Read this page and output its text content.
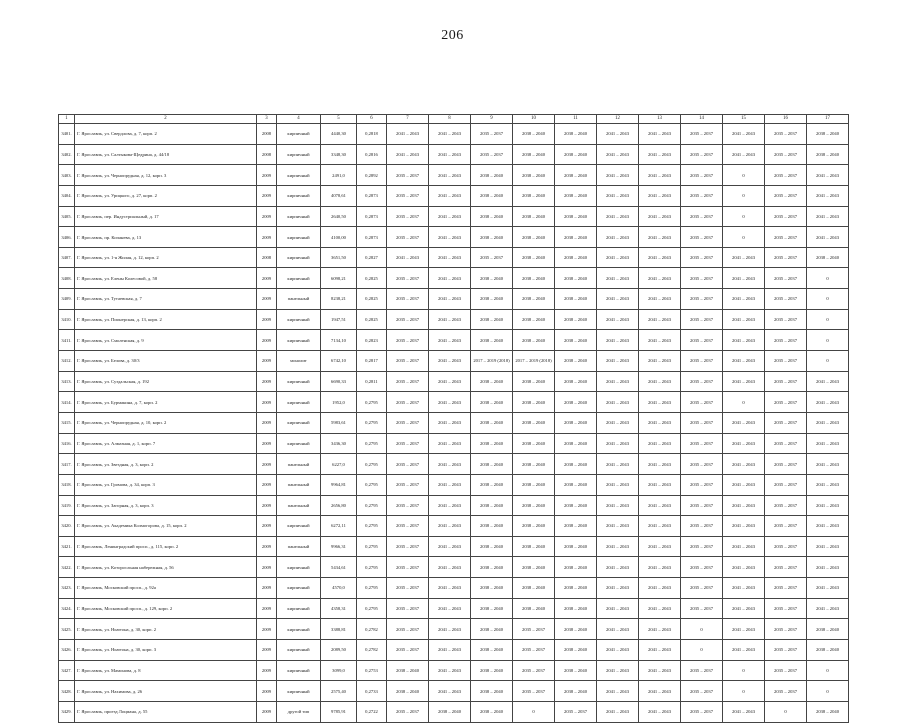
206
1	2	3	4	5	6	7	8	9	10	11	12	13	14	15	16	17
3401.	Г. Ярославль, ул. Свердлова, д. 7, корп. 2	2008	кирпичный	4440,30	0,2818	2041 – 2043	2041 – 2043	2035 – 2037	2038 – 2040	2038 – 2040	2041 – 2043	2041 – 2043	2035 – 2037	2041 – 2043	2035 – 2037	2038 – 2040
3402.	Г. Ярославль, ул. Салтыкова-Щедрина, д. 44/18	2008	кирпичный	3348,30	0,2816	2041 – 2043	2041 – 2043	2035 – 2037	2038 – 2040	2038 – 2040	2041 – 2043	2041 – 2043	2035 – 2037	2041 – 2043	2035 – 2037	2038 – 2040
3403.	Г. Ярославль, ул. Чернопрудная, д. 12, корп. 3	2009	кирпичный	2491,0	0,2892	2035 – 2037	2041 – 2043	2038 – 2040	2038 – 2040	2038 – 2040	2041 – 2043	2041 – 2043	2035 – 2037	0	2035 – 2037	2041 – 2043
3404.	Г. Ярославль, ул. Урицкого, д. 27, корп. 2	2009	кирпичный	4078,61	0,2873	2035 – 2037	2041 – 2043	2038 – 2040	2038 – 2040	2038 – 2040	2041 – 2043	2041 – 2043	2035 – 2037	0	2035 – 2037	2041 – 2043
3405.	Г. Ярославль, пер. Индустриальный, д. 17	2009	кирпичный	2640,50	0,2873	2035 – 2037	2041 – 2043	2038 – 2040	2038 – 2040	2038 – 2040	2041 – 2043	2041 – 2043	2035 – 2037	0	2035 – 2037	2041 – 2043
3406.	Г. Ярославль, пр. Копанева, д. 13	2009	кирпичный	4100,00	0,2873	2035 – 2037	2041 – 2043	2038 – 2040	2038 – 2040	2038 – 2040	2041 – 2043	2041 – 2043	2035 – 2037	0	2035 – 2037	2041 – 2043
3407.	Г. Ярославль, ул. 1-я Жилая, д. 12, корп. 2	2008	кирпичный	3651,50	0,2827	2041 – 2043	2041 – 2043	2035 – 2037	2038 – 2040	2038 – 2040	2041 – 2043	2041 – 2043	2035 – 2037	2041 – 2043	2035 – 2037	2038 – 2040
3408.	Г. Ярославль, ул. Елены Колесовой, д. 58	2009	кирпичный	6098,21	0,2825	2035 – 2037	2041 – 2043	2038 – 2040	2038 – 2040	2038 – 2040	2041 – 2043	2041 – 2043	2035 – 2037	2041 – 2043	2035 – 2037	0
3409.	Г. Ярославль, ул. Тутаевская, д. 7	2009	панельный	8238,21	0,2825	2035 – 2037	2041 – 2043	2038 – 2040	2038 – 2040	2038 – 2040	2041 – 2043	2041 – 2043	2035 – 2037	2041 – 2043	2035 – 2037	0
3410.	Г. Ярославль, ул. Пионерская, д. 13, корп. 2	2009	кирпичный	1947,51	0,2825	2035 – 2037	2041 – 2043	2038 – 2040	2038 – 2040	2038 – 2040	2041 – 2043	2041 – 2043	2035 – 2037	2041 – 2043	2035 – 2037	0
3411.	Г. Ярославль, ул. Смоленская, д. 9	2009	кирпичный	7134,10	0,2823	2035 – 2037	2041 – 2043	2038 – 2040	2038 – 2040	2038 – 2040	2041 – 2043	2041 – 2043	2035 – 2037	2041 – 2043	2035 – 2037	0
3412.	Г. Ярославль, ул. Белова, д. 30/3	2009	монолит	6742,10	0,2817	2035 – 2037	2041 – 2043	2017 – 2019 (2018)	2017 – 2019 (2018)	2038 – 2040	2041 – 2043	2041 – 2043	2035 – 2037	2041 – 2043	2035 – 2037	0
3413.	Г. Ярославль, ул. Суздальская, д. 192	2009	кирпичный	6690,33	0,2811	2035 – 2037	2041 – 2043	2038 – 2040	2038 – 2040	2038 – 2040	2041 – 2043	2041 – 2043	2035 – 2037	2041 – 2043	2035 – 2037	2041 – 2043
3414.	Г. Ярославль, ул. Бурмакина, д. 7, корп. 2	2009	кирпичный	1952,0	0,2795	2035 – 2037	2041 – 2043	2038 – 2040	2038 – 2040	2038 – 2040	2041 – 2043	2041 – 2043	2035 – 2037	0	2035 – 2037	2041 – 2043
3415.	Г. Ярославль, ул. Чернопрудная, д. 10, корп. 2	2009	кирпичный	5983,61	0,2795	2035 – 2037	2041 – 2043	2038 – 2040	2038 – 2040	2038 – 2040	2041 – 2043	2041 – 2043	2035 – 2037	2041 – 2043	2035 – 2037	2041 – 2043
3416.	Г. Ярославль, ул. Алмазная, д. 1, корп. 7	2009	кирпичный	3436,30	0,2795	2035 – 2037	2041 – 2043	2038 – 2040	2038 – 2040	2038 – 2040	2041 – 2043	2041 – 2043	2035 – 2037	2041 – 2043	2035 – 2037	2041 – 2043
3417.	Г. Ярославль, ул. Звездная, д. 3, корп. 2	2009	панельный	6227,0	0,2795	2035 – 2037	2041 – 2043	2038 – 2040	2038 – 2040	2038 – 2040	2041 – 2043	2041 – 2043	2035 – 2037	2041 – 2043	2035 – 2037	2041 – 2043
3418.	Г. Ярославль, ул. Громова, д. 34, корп. 3	2009	панельный	9964,81	0,2795	2035 – 2037	2041 – 2043	2038 – 2040	2038 – 2040	2038 – 2040	2041 – 2043	2041 – 2043	2035 – 2037	2041 – 2043	2035 – 2037	2041 – 2043
3419.	Г. Ярославль, ул. Загорная, д. 3, корп. 3	2009	панельный	2656,80	0,2795	2035 – 2037	2041 – 2043	2038 – 2040	2038 – 2040	2038 – 2040	2041 – 2043	2041 – 2043	2035 – 2037	2041 – 2043	2035 – 2037	2041 – 2043
3420.	Г. Ярославль, ул. Академика Колмогорова, д. 15, корп. 2	2009	кирпичный	6272,11	0,2795	2035 – 2037	2041 – 2043	2038 – 2040	2038 – 2040	2038 – 2040	2041 – 2043	2041 – 2043	2035 – 2037	2041 – 2043	2035 – 2037	2041 – 2043
3421.	Г. Ярославль, Ленинградский просп., д. 115, корп. 2	2009	панельный	9966,31	0,2795	2035 – 2037	2041 – 2043	2038 – 2040	2038 – 2040	2038 – 2040	2041 – 2043	2041 – 2043	2035 – 2037	2041 – 2043	2035 – 2037	2041 – 2043
3422.	Г. Ярославль, ул. Которосльная набережная, д. 56	2009	кирпичный	5434,61	0,2795	2035 – 2037	2041 – 2043	2038 – 2040	2038 – 2040	2038 – 2040	2041 – 2043	2041 – 2043	2035 – 2037	2041 – 2043	2035 – 2037	2041 – 2043
3423.	Г. Ярославль, Московский просп., д. 92а	2009	кирпичный	4570,0	0,2795	2035 – 2037	2041 – 2043	2038 – 2040	2038 – 2040	2038 – 2040	2041 – 2043	2041 – 2043	2035 – 2037	2041 – 2043	2035 – 2037	2041 – 2043
3424.	Г. Ярославль, Московский просп., д. 129, корп. 2	2009	кирпичный	4358,31	0,2795	2035 – 2037	2041 – 2043	2038 – 2040	2038 – 2040	2038 – 2040	2041 – 2043	2041 – 2043	2035 – 2037	2041 – 2043	2035 – 2037	2041 – 2043
3425.	Г. Ярославль, ул. Ньютона, д. 30, корп. 2	2009	кирпичный	3388,81	0,2782	2035 – 2037	2041 – 2043	2038 – 2040	2035 – 2037	2038 – 2040	2041 – 2043	2041 – 2043	0	2041 – 2043	2035 – 2037	2038 – 2040
3426.	Г. Ярославль, ул. Ньютона, д. 30, корп. 3	2009	кирпичный	2089,50	0,2782	2035 – 2037	2041 – 2043	2038 – 2040	2035 – 2037	2038 – 2040	2041 – 2043	2041 – 2043	0	2041 – 2043	2035 – 2037	2038 – 2040
3427.	Г. Ярославль, ул. Мамонова, д. 8	2009	кирпичный	3099,0	0,2753	2038 – 2040	2041 – 2043	2038 – 2040	2035 – 2037	2038 – 2040	2041 – 2043	2041 – 2043	2035 – 2037	0	2035 – 2037	0
3428.	Г. Ярославль, ул. Нахимова, д. 26	2009	кирпичный	2575,40	0,2733	2038 – 2040	2041 – 2043	2038 – 2040	2035 – 2037	2038 – 2040	2041 – 2043	2041 – 2043	2035 – 2037	0	2035 – 2037	0
3429.	Г. Ярославль, проезд Лоцмана, д. 55	2009	другой тип	9785,91	0,2722	2035 – 2037	2038 – 2040	2038 – 2040	0	2035 – 2037	2041 – 2043	2041 – 2043	2035 – 2037	2041 – 2043	0	2038 – 2040
